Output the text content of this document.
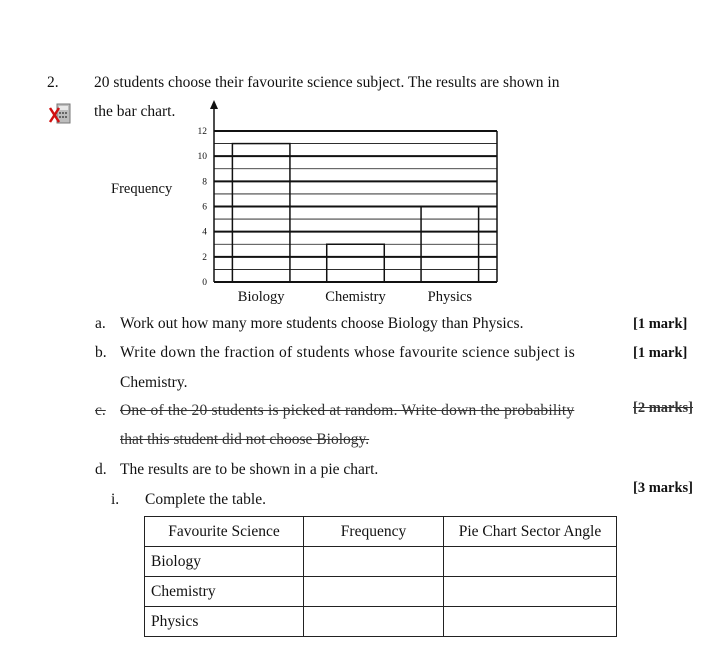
2. 20 students choose their favourite science subject. The results are shown in
the bar chart.
0
2
4
6
8
10
12
Biology	Chemistry	Physics
Frequency
a. Work out how many more students choose Biology than Physics.	[1 mark]
b. Write down the fraction of students whose favourite science subject is	[1 mark]
Chemistry.
c. One of the 20 students is picked at random. Write down the probability	[2 marks]
that this student did not choose Biology.
d. The results are to be shown in a pie chart.
[3 marks]
i. Complete the table.
Favourite Science	Frequency	Pie Chart Sector Angle
Biology		
Chemistry		
Physics		
